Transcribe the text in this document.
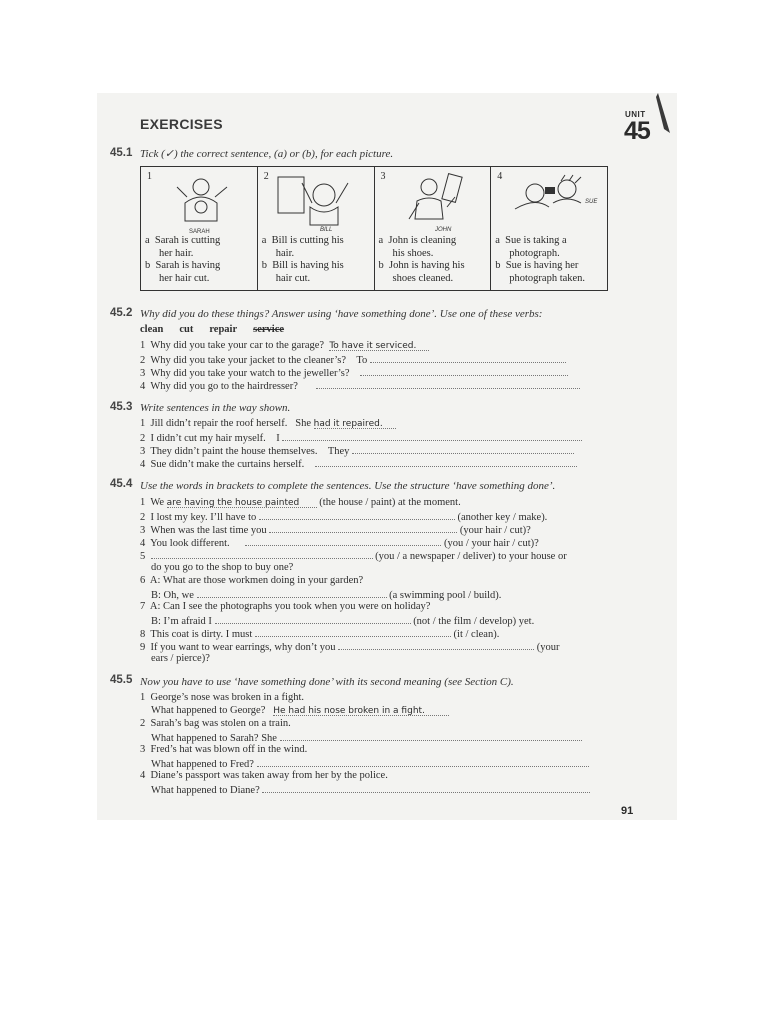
EXERCISES
UNIT
45
45.1 Tick (✓) the correct sentence, (a) or (b), for each picture.
1
SARAH
a Sarah is cutting
her hair.
b Sarah is having
her hair cut.

2
BILL
a Bill is cutting his
hair.
b Bill is having his
hair cut.

3
JOHN
a John is cleaning
his shoes.
b John is having his
shoes cleaned.

4
SUE
a Sue is taking a
photograph.
b Sue is having her
photograph taken.
45.2 Why did you do these things? Answer using ‘have something done’. Use one of these verbs:
clean cut repair service
1 Why did you take your car to the garage? To have it serviced.
2 Why did you take your jacket to the cleaner’s? To
3 Why did you take your watch to the jeweller’s?
4 Why did you go to the hairdresser?
45.3 Write sentences in the way shown.
1 Jill didn’t repair the roof herself. She had it repaired.
2 I didn’t cut my hair myself. I
3 They didn’t paint the house themselves. They
4 Sue didn’t make the curtains herself.
45.4 Use the words in brackets to complete the sentences. Use the structure ‘have something done’.
1 We are having the house painted (the house / paint) at the moment.
2 I lost my key. I’ll have to	(another key / make).
3 When was the last time you	(your hair / cut)?
4 You look different.	(you / your hair / cut)?
5	(you / a newspaper / deliver) to your house or
do you go to the shop to buy one?
6 A: What are those workmen doing in your garden?
B: Oh, we	(a swimming pool / build).
7 A: Can I see the photographs you took when you were on holiday?
B: I’m afraid I	(not / the film / develop) yet.
8 This coat is dirty. I must	(it / clean).
9 If you want to wear earrings, why don’t you	(your
ears / pierce)?
45.5 Now you have to use ‘have something done’ with its second meaning (see Section C).
1 George’s nose was broken in a fight.
What happened to George? He had his nose broken in a fight.
2 Sarah’s bag was stolen on a train.
What happened to Sarah? She
3 Fred’s hat was blown off in the wind.
What happened to Fred?
4 Diane’s passport was taken away from her by the police.
What happened to Diane?
91
